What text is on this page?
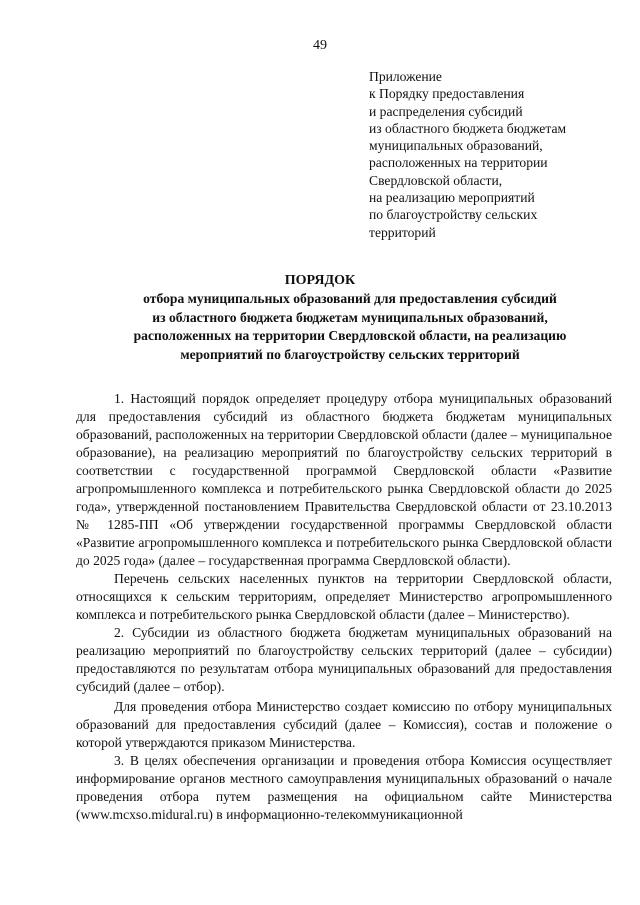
49
Приложение
к Порядку предоставления
и распределения субсидий
из областного бюджета бюджетам
муниципальных образований,
расположенных на территории
Свердловской области,
на реализацию мероприятий
по благоустройству сельских
территорий
ПОРЯДОК
отбора муниципальных образований для предоставления субсидий
из областного бюджета бюджетам муниципальных образований,
расположенных на территории Свердловской области, на реализацию
мероприятий по благоустройству сельских территорий

1. Настоящий порядок определяет процедуру отбора муниципальных образований для предоставления субсидий из областного бюджета бюджетам муниципальных образований, расположенных на территории Свердловской области (далее – муниципальное образование), на реализацию мероприятий по благоустройству сельских территорий в соответствии с государственной программой Свердловской области «Развитие агропромышленного комплекса и потребительского рынка Свердловской области до 2025 года», утвержденной постановлением Правительства Свердловской области от 23.10.2013 № 1285-ПП «Об утверждении государственной программы Свердловской области «Развитие агропромышленного комплекса и потребительского рынка Свердловской области до 2025 года» (далее – государственная программа Свердловской области).

Перечень сельских населенных пунктов на территории Свердловской области, относящихся к сельским территориям, определяет Министерство агропромышленного комплекса и потребительского рынка Свердловской области (далее – Министерство).

2. Субсидии из областного бюджета бюджетам муниципальных образований на реализацию мероприятий по благоустройству сельских территорий (далее – субсидии) предоставляются по результатам отбора муниципальных образований для предоставления субсидий (далее – отбор).

Для проведения отбора Министерство создает комиссию по отбору муниципальных образований для предоставления субсидий (далее – Комиссия), состав и положение о которой утверждаются приказом Министерства.

3. В целях обеспечения организации и проведения отбора Комиссия осуществляет информирование органов местного самоуправления муниципальных образований о начале проведения отбора путем размещения на официальном сайте Министерства (www.mcxso.midural.ru) в информационно-телекоммуникационной
